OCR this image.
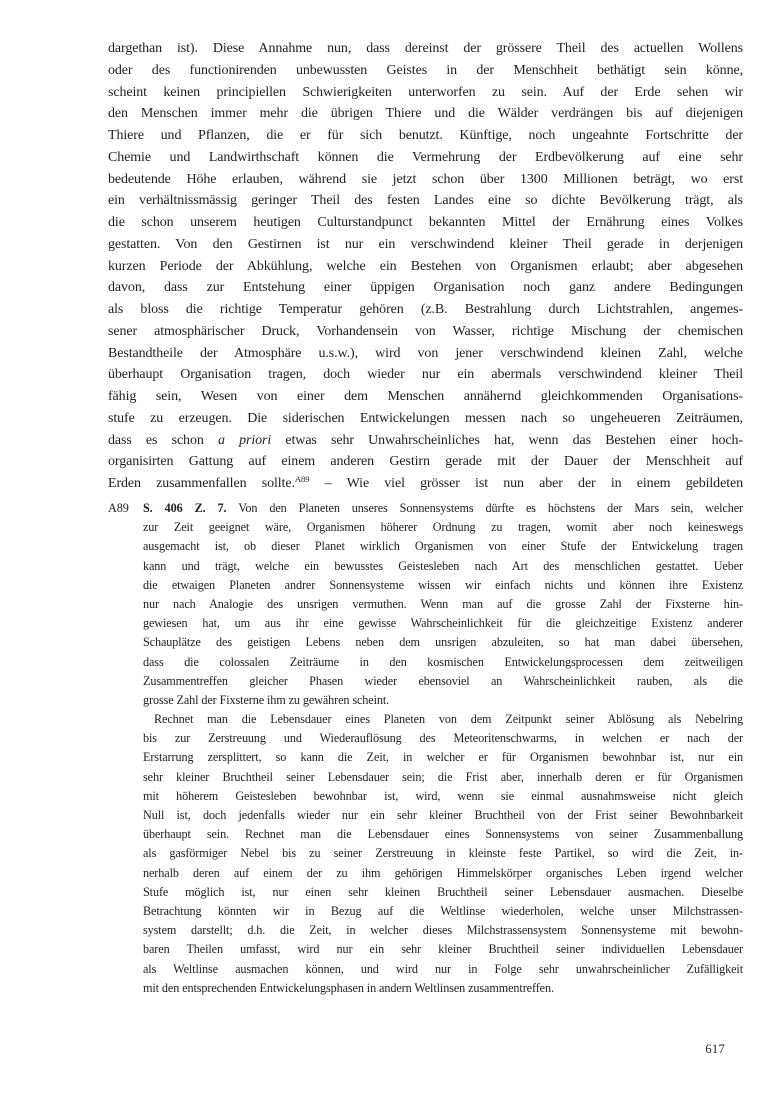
dargethan ist). Diese Annahme nun, dass dereinst der grössere Theil des actuellen Wollens
oder des functionirenden unbewussten Geistes in der Menschheit bethätigt sein könne,
scheint keinen principiellen Schwierigkeiten unterworfen zu sein. Auf der Erde sehen wir
den Menschen immer mehr die übrigen Thiere und die Wälder verdrängen bis auf diejenigen
Thiere und Pflanzen, die er für sich benutzt. Künftige, noch ungeahnte Fortschritte der
Chemie und Landwirthschaft können die Vermehrung der Erdbevölkerung auf eine sehr
bedeutende Höhe erlauben, während sie jetzt schon über 1300 Millionen beträgt, wo erst
ein verhältnissmässig geringer Theil des festen Landes eine so dichte Bevölkerung trägt, als
die schon unserem heutigen Culturstandpunct bekannten Mittel der Ernährung eines Volkes
gestatten. Von den Gestirnen ist nur ein verschwindend kleiner Theil gerade in derjenigen
kurzen Periode der Abkühlung, welche ein Bestehen von Organismen erlaubt; aber abgesehen
davon, dass zur Entstehung einer üppigen Organisation noch ganz andere Bedingungen
als bloss die richtige Temperatur gehören (z.B. Bestrahlung durch Lichtstrahlen, angemes-
sener atmosphärischer Druck, Vorhandensein von Wasser, richtige Mischung der chemischen
Bestandtheile der Atmosphäre u.s.w.), wird von jener verschwindend kleinen Zahl, welche
überhaupt Organisation tragen, doch wieder nur ein abermals verschwindend kleiner Theil
fähig sein, Wesen von einer dem Menschen annähernd gleichkommenden Organisations-
stufe zu erzeugen. Die siderischen Entwickelungen messen nach so ungeheueren Zeiträumen,
dass es schon a priori etwas sehr Unwahrscheinliches hat, wenn das Bestehen einer hoch-
organisirten Gattung auf einem anderen Gestirn gerade mit der Dauer der Menschheit auf
Erden zusammenfallen sollte.$^{A89}$ – Wie viel grösser ist nun aber der in einem gebildeten
A89 S. 406 Z. 7. Von den Planeten unseres Sonnensystems dürfte es höchstens der Mars sein, welcher
zur Zeit geeignet wäre, Organismen höherer Ordnung zu tragen, womit aber noch keineswegs
ausgemacht ist, ob dieser Planet wirklich Organismen von einer Stufe der Entwickelung tragen
kann und trägt, welche ein bewusstes Geistesleben nach Art des menschlichen gestattet. Ueber
die etwaigen Planeten andrer Sonnensysteme wissen wir einfach nichts und können ihre Existenz
nur nach Analogie des unsrigen vermuthen. Wenn man auf die grosse Zahl der Fixsterne hin-
gewiesen hat, um aus ihr eine gewisse Wahrscheinlichkeit für die gleichzeitige Existenz anderer
Schauplätze des geistigen Lebens neben dem unsrigen abzuleiten, so hat man dabei übersehen,
dass die colossalen Zeiträume in den kosmischen Entwickelungsprocessen dem zeitweiligen
Zusammentreffen gleicher Phasen wieder ebensoviel an Wahrscheinlichkeit rauben, als die
grosse Zahl der Fixsterne ihm zu gewähren scheint.
Rechnet man die Lebensdauer eines Planeten von dem Zeitpunkt seiner Ablösung als Nebelring
bis zur Zerstreuung und Wiederauflösung des Meteoritenschwarms, in welchen er nach der
Erstarrung zersplittert, so kann die Zeit, in welcher er für Organismen bewohnbar ist, nur ein
sehr kleiner Bruchtheil seiner Lebensdauer sein; die Frist aber, innerhalb deren er für Organismen
mit höherem Geistesleben bewohnbar ist, wird, wenn sie einmal ausnahmsweise nicht gleich
Null ist, doch jedenfalls wieder nur ein sehr kleiner Bruchtheil von der Frist seiner Bewohnbarkeit
überhaupt sein. Rechnet man die Lebensdauer eines Sonnensystems von seiner Zusammenballung
als gasförmiger Nebel bis zu seiner Zerstreuung in kleinste feste Partikel, so wird die Zeit, in-
nerhalb deren auf einem der zu ihm gehörigen Himmelskörper organisches Leben irgend welcher
Stufe möglich ist, nur einen sehr kleinen Bruchtheil seiner Lebensdauer ausmachen. Dieselbe
Betrachtung könnten wir in Bezug auf die Weltlinse wiederholen, welche unser Milchstrassen-
system darstellt; d.h. die Zeit, in welcher dieses Milchstrassensystem Sonnensysteme mit bewohn-
baren Theilen umfasst, wird nur ein sehr kleiner Bruchtheil seiner individuellen Lebensdauer
als Weltlinse ausmachen können, und wird nur in Folge sehr unwahrscheinlicher Zufälligkeit
mit den entsprechenden Entwickelungsphasen in andern Weltlinsen zusammentreffen.
617
